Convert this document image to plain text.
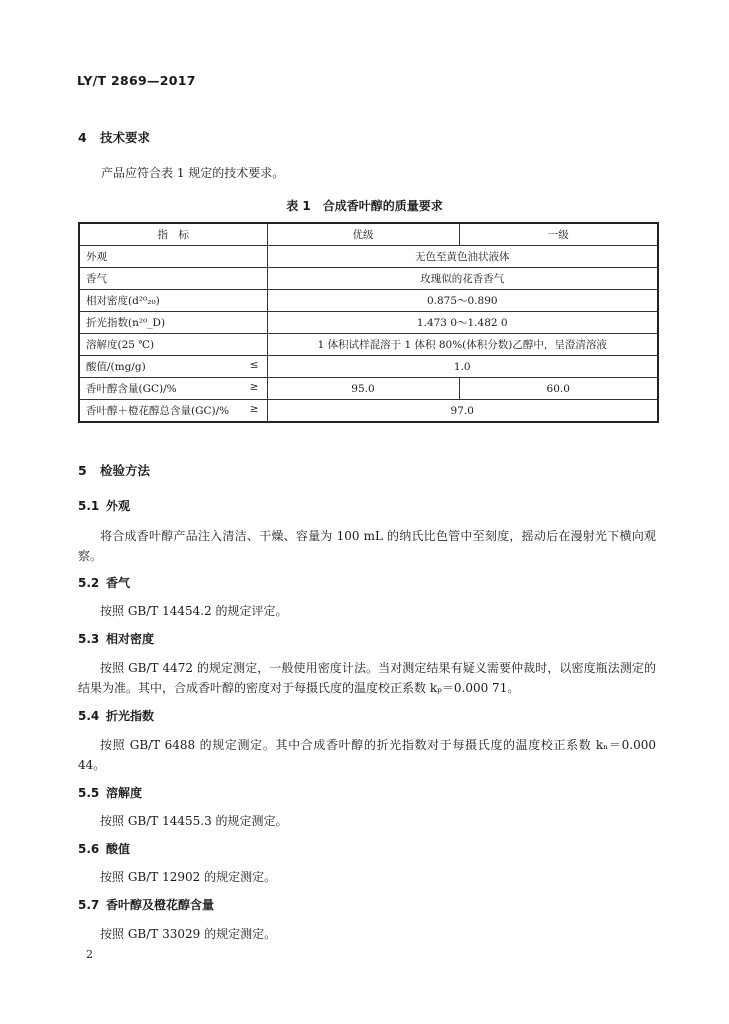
LY/T 2869—2017
4 技术要求
产品应符合表 1 规定的技术要求。
表 1　合成香叶醇的质量要求
指　标	优级	一级
外观	无色至黄色油状液体	
香气	玫瑰似的花香香气	
相对密度(d²⁰₂₀)	0.875～0.890	
折光指数(n²⁰_D)	1.473 0～1.482 0	
溶解度(25 ℃)	1 体积试样混溶于 1 体积 80%(体积分数)乙醇中，呈澄清溶液	
酸值/(mg/g) ≤	1.0	
香叶醇含量(GC)/% ≥	95.0	60.0
香叶醇＋橙花醇总含量(GC)/% ≥	97.0	
5 检验方法
5.1 外观
将合成香叶醇产品注入清洁、干燥、容量为 100 mL 的纳氏比色管中至刻度，摇动后在漫射光下横向观察。
5.2 香气
按照 GB/T 14454.2 的规定评定。
5.3 相对密度
按照 GB/T 4472 的规定测定，一般使用密度计法。当对测定结果有疑义需要仲裁时，以密度瓶法测定的结果为准。其中，合成香叶醇的密度对于每摄氏度的温度校正系数 kₚ＝0.000 71。
5.4 折光指数
按照 GB/T 6488 的规定测定。其中合成香叶醇的折光指数对于每摄氏度的温度校正系数 kₙ＝0.000 44。
5.5 溶解度
按照 GB/T 14455.3 的规定测定。
5.6 酸值
按照 GB/T 12902 的规定测定。
5.7 香叶醇及橙花醇含量
按照 GB/T 33029 的规定测定。
2
